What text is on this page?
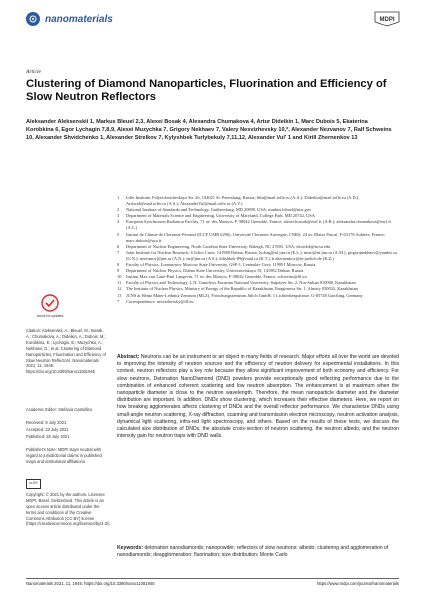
nanomaterials	MDPI
Article
Clustering of Diamond Nanoparticles, Fluorination and Efficiency of Slow Neutron Reflectors
Aleksander Aleksenskii 1, Markus Bleuel 2,3, Alexei Bosak 4, Alexandra Chumakova 4, Artur Dideikin 1, Marc Dubois 5, Ekaterina Korobkina 6, Egor Lychagin 7,8,9, Alexei Muzychka 7, Grigory Nekhaev 7, Valery Nesvizhevsky 10,*, Alexander Nezvanov 7, Ralf Schweins 10, Alexander Shvidchenko 1, Alexander Strelkov 7, Kylyshbek Turlybekuly 7,11,12, Alexander Vul' 1 and Kirill Zhernenkov 13
1	Ioffe Institute, Polytechnicheskaya Str. 26, 194021 St. Petersburg, Russia; blin@mail.ioffe.ru (A.A.); Dideikin@mail.ioffe.ru (A.D.); Arshvid@mail.ioffe.ru (A.S.); AlexanderVul@mail.ioffe.ru (A.V.)
2	National Institute of Standards and Technology, Gaithersburg, MD 20899, USA; markus.bleuel@nist.gov
3	Department of Materials Science and Engineering, University of Maryland, College Park, MD 20742, USA
4	European Synchrotron Radiation Facility, 71 av. des Martyrs, F-38042 Grenoble, France; alexei.bossak@esrf.fr (A.B.); aleksandra.chumakova@esrf.fr (A.C.)
5	Institut de Chimie de Clermont-Ferrand (ICCF UMR 6296), Université Clermont Auvergne, CNRS, 24 av. Blaise Pascal, F-63178 Aubière, France; marc.dubois@uca.fr
6	Department of Nuclear Engineering, North Carolina State University, Raleigh, NC 27695, USA; ekorobk@ncsu.edu
7	Joint Institute for Nuclear Research, 6 Joliot Curie, 141980 Dubna, Russia; lychag@nf.jinr.ru (E.L.); muzi@nf.jinr.ru (A.M.); grigorijnekhaev@yandex.ru (G.N.); nezvanov@jinr.ru (A.N.); str@jinr.ru (A.S.); kilishbek-89@mail.ru (K.T.); k.zhernenkov@fz-juelich.de (K.Z.)
8	Faculty of Physics, Lomonosov Moscow State University, GSP-1, Leninskie Gory, 119991 Moscow, Russia
9	Department of Nuclear Physics, Dubna State University, Universitetskaya 19, 141982 Dubna, Russia
10	Institut Max von Laue-Paul Langevin, 71 av. des Martyrs, F-38042 Grenoble, France; schweins@ill.eu
11	Faculty of Physics and Technology, L.N. Gumilyov Eurasian National University, Satpayev Str. 2, Nur-Sultan 010000, Kazakhstan
12	The Institute of Nuclear Physics, Ministry of Energy of the Republic of Kazakhstan, Ibragimova Str. 1, Almaty 050032, Kazakhstan
13	JCNS at Heinz Maier-Leibnitz Zentrum (MLZ), Forschungszentrum Jülich GmbH, 1 Lichtenbergstrasse, G-85748 Garching, Germany
*	Correspondence: nesvizhevsky@ill.eu
check for updates
Citation: Aleksenskii, A.; Bleuel, M.; Bosak, A.; Chumakova, A.; Dideikin, A.; Dubois, M.; Korobkina, E.; Lychagin, E.; Muzychka, A.; Nekhaev, G.; et al. Clustering of Diamond Nanoparticles, Fluorination and Efficiency of Slow Neutron Reflectors. Nanomaterials 2021, 11, 1945. https://doi.org/10.3390/nano11081945
Academic Editor: Stefania Castellino
Received: 9 July 2021
Accepted: 23 July 2021
Published: 28 July 2021
Publisher's Note: MDPI stays neutral with regard to jurisdictional claims in published maps and institutional affiliations.
cc BY
Copyright: © 2021 by the authors. Licensee MDPI, Basel, Switzerland. This article is an open access article distributed under the terms and conditions of the Creative Commons Attribution (CC BY) license (https://creativecommons.org/licenses/by/4.0/).
Abstract: Neutrons can be an instrument or an object in many fields of research. Major efforts all over the world are devoted to improving the intensity of neutron sources and the efficiency of neutron delivery for experimental installations. In this context, neutron reflectors play a key role because they allow significant improvement of both economy and efficiency. For slow neutrons, Detonation NanoDiamond (DND) powders provide exceptionally good reflecting performance due to the combination of enhanced coherent scattering and low neutron absorption. The enhancement is at maximum when the nanoparticle diameter is close to the neutron wavelength. Therefore, the mean nanoparticle diameter and the diameter distribution are important. In addition, DNDs show clustering, which increases their effective diameters. Here, we report on how breaking agglomerates affects clustering of DNDs and the overall reflector performance. We characterize DNDs using small-angle neutron scattering, X-ray diffraction, scanning and transmission electron microscopy, neutron activation analysis, dynamical light scattering, infra-red light spectroscopy, and others. Based on the results of these tests, we discuss the calculated size distribution of DNDs, the absolute cross-section of neutron scattering, the neutron albedo, and the neutron intensity gain for neutron traps with DND walls.
Keywords: detonation nanodiamonds; nanopowder; reflectors of slow neutrons; albedo; clustering and agglomeration of nanodiamonds; deagglomeration; fluorination; size distribution; Monte Carlo
Nanomaterials 2021, 11, 1945. https://doi.org/10.3390/nano11081945	https://www.mdpi.com/journal/nanomaterials
